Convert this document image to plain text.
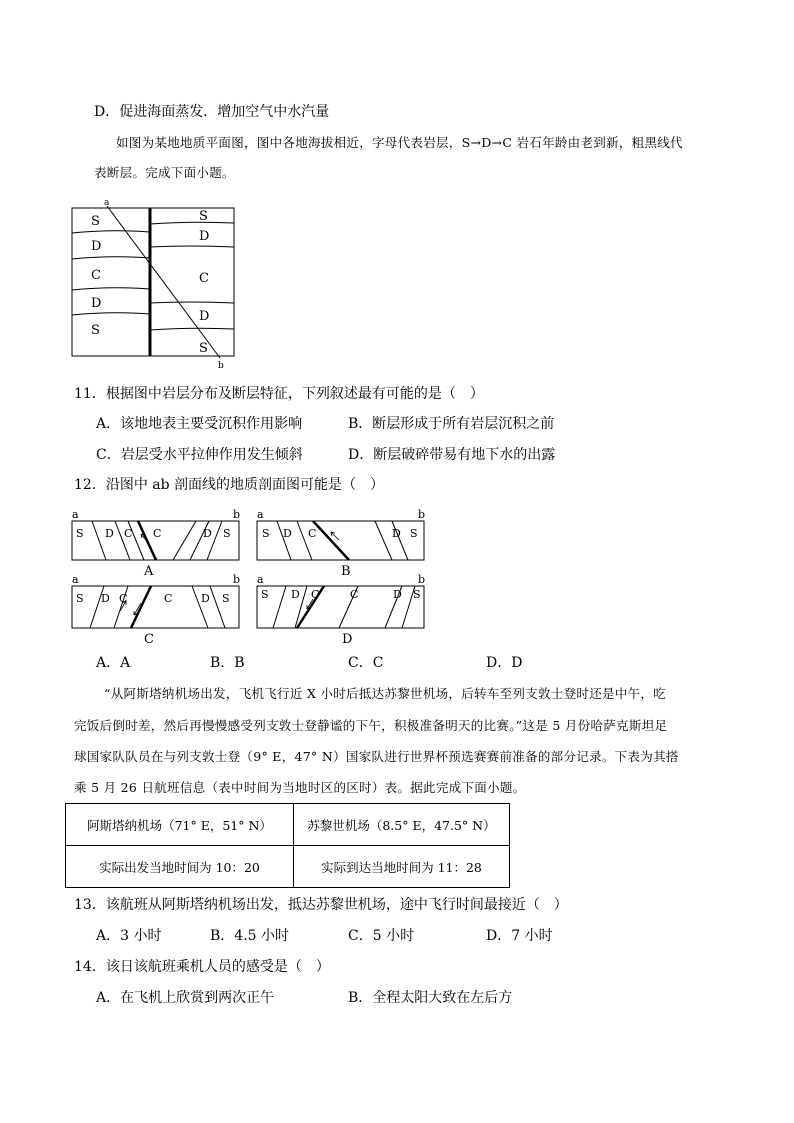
D．促进海面蒸发．增加空气中水汽量
如图为某地地质平面图，图中各地海拔相近，字母代表岩层，S→D→C 岩石年龄由老到新，粗黑线代
表断层。完成下面小题。
a
b
S
D
C
D
S
S
D
C
D
S
11．根据图中岩层分布及断层特征，下列叙述最有可能的是（　）
A．该地地表主要受沉积作用影响	B．断层形成于所有岩层沉积之前
C．岩层受水平拉伸作用发生倾斜	D．断层破碎带易有地下水的出露
12．沿图中 ab 剖面线的地质剖面图可能是（　）
a	b
S D C C	D S
A
a	b
S D C	D S
B
a	b
S D C	C	D S
C
a	b
S D C	C	D S
D
A．A	B．B	C．C	D．D
“从阿斯塔纳机场出发，飞机飞行近 X 小时后抵达苏黎世机场，后转车至列支敦士登时还是中午，吃
完饭后倒时差，然后再慢慢感受列支敦士登静谧的下午，积极准备明天的比赛。”这是 5 月份哈萨克斯坦足
球国家队队员在与列支敦士登（9° E，47° N）国家队进行世界杯预选赛赛前准备的部分记录。下表为其搭
乘 5 月 26 日航班信息（表中时间为当地时区的区时）表。据此完成下面小题。
阿斯塔纳机场（71° E，51° N）	苏黎世机场（8.5° E，47.5° N）
实际出发当地时间为 10：20	实际到达当地时间为 11：28
13．该航班从阿斯塔纳机场出发，抵达苏黎世机场，途中飞行时间最接近（　）
A．3 小时	B．4.5 小时	C．5 小时	D．7 小时
14．该日该航班乘机人员的感受是（　）
A．在飞机上欣赏到两次正午	B．全程太阳大致在左后方
